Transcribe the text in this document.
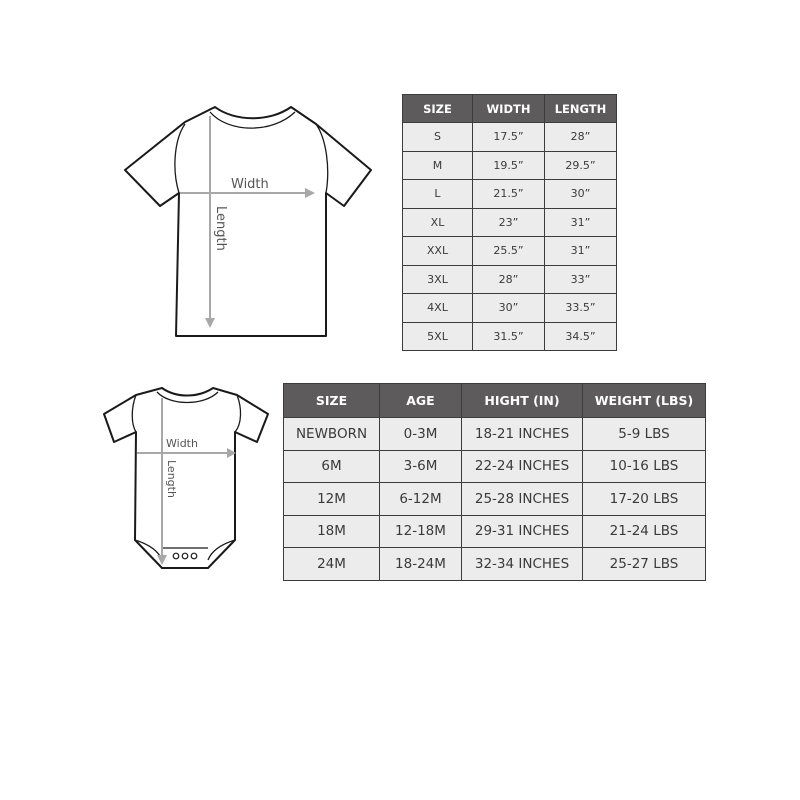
Width
Length
SIZE	WIDTH	LENGTH
S	17.5”	28”
M	19.5”	29.5”
L	21.5”	30”
XL	23”	31”
XXL	25.5”	31”
3XL	28”	33”
4XL	30”	33.5”
5XL	31.5”	34.5”
Width
Length
SIZE	AGE	HIGHT (IN)	WEIGHT (LBS)
NEWBORN	0-3M	18-21 INCHES	5-9 LBS
6M	3-6M	22-24 INCHES	10-16 LBS
12M	6-12M	25-28 INCHES	17-20 LBS
18M	12-18M	29-31 INCHES	21-24 LBS
24M	18-24M	32-34 INCHES	25-27 LBS
